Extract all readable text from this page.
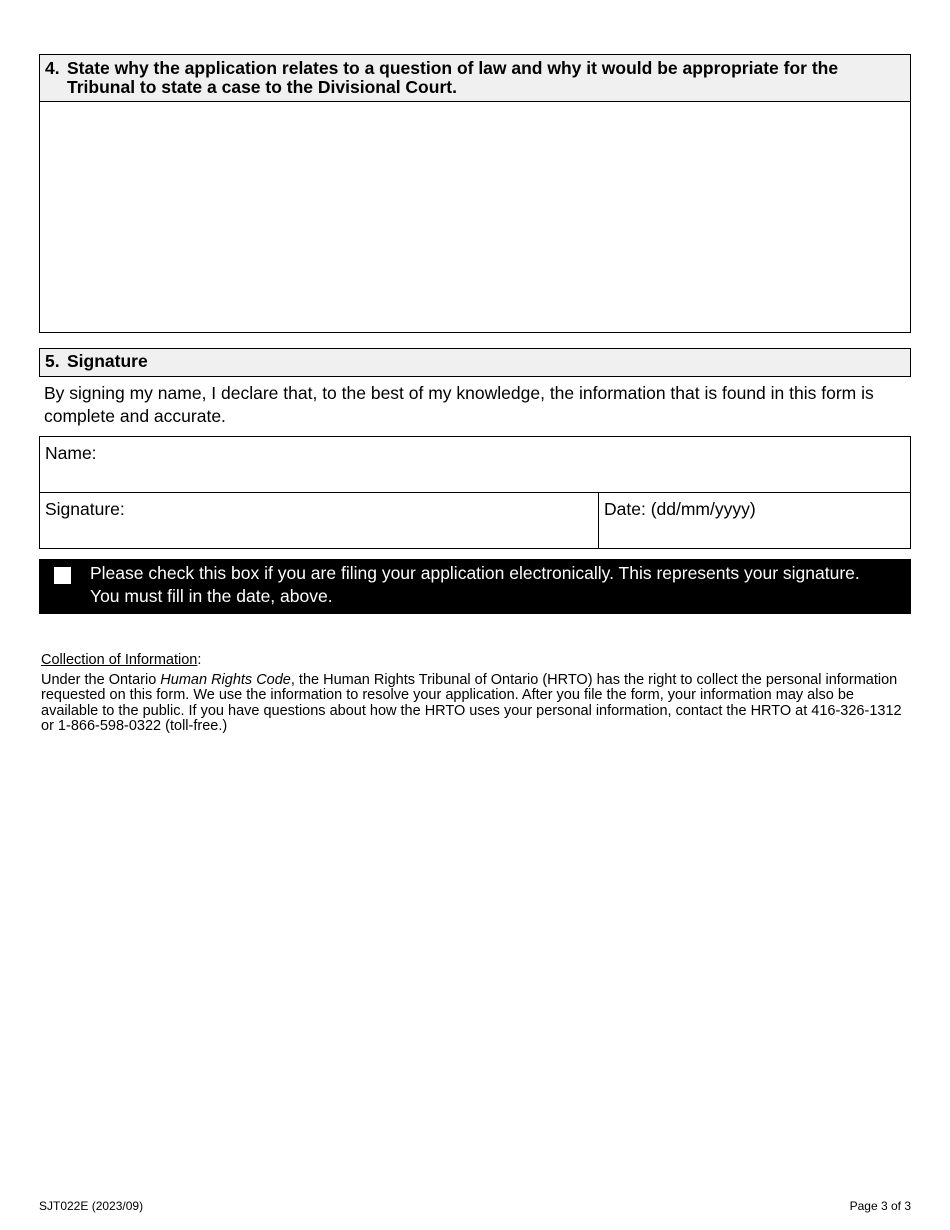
4. State why the application relates to a question of law and why it would be appropriate for the Tribunal to state a case to the Divisional Court.
5. Signature
By signing my name, I declare that, to the best of my knowledge, the information that is found in this form is complete and accurate.
Name:
Signature:	Date: (dd/mm/yyyy)
Please check this box if you are filing your application electronically. This represents your signature. You must fill in the date, above.
Collection of Information:
Under the Ontario Human Rights Code, the Human Rights Tribunal of Ontario (HRTO) has the right to collect the personal information requested on this form. We use the information to resolve your application. After you file the form, your information may also be available to the public. If you have questions about how the HRTO uses your personal information, contact the HRTO at 416-326-1312 or 1-866-598-0322 (toll-free.)
SJT022E (2023/09)	Page 3 of 3
